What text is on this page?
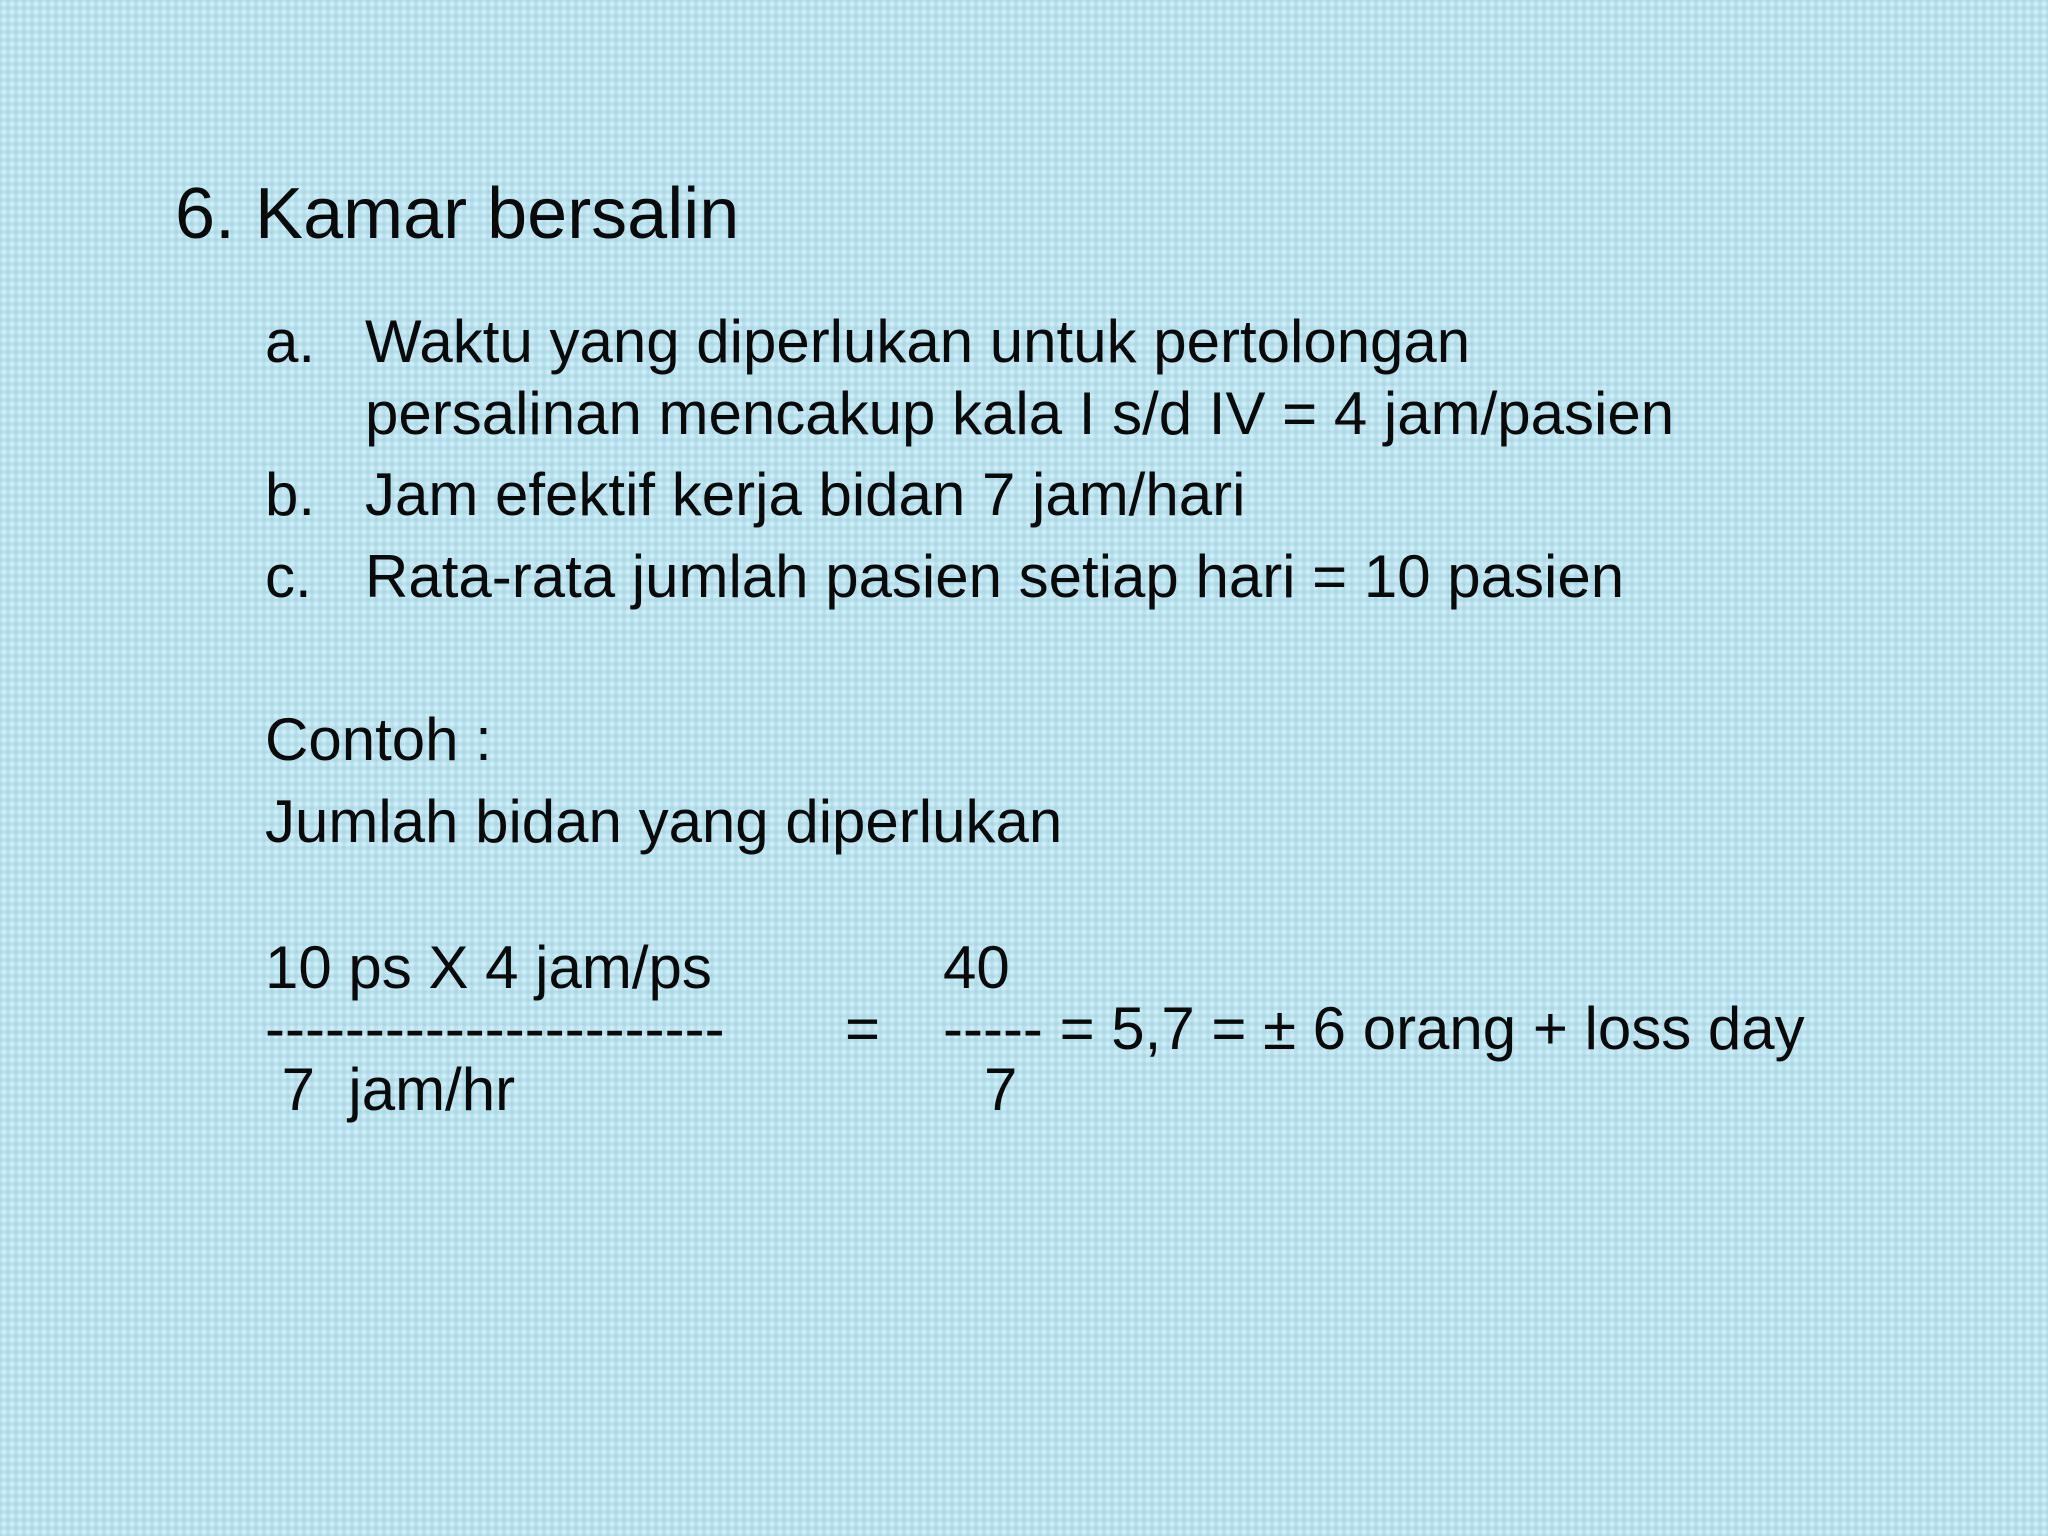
6. Kamar bersalin
a. Waktu yang diperlukan untuk pertolongan
persalinan mencakup kala I s/d IV = 4 jam/pasien
b. Jam efektif kerja bidan 7 jam/hari
c. Rata-rata jumlah pasien setiap hari = 10 pasien
Contoh :
Jumlah bidan yang diperlukan
10 ps X 4 jam/ps
-----------------------
7  jam/hr
=
40
----- = 5,7 = ± 6 orang + loss day
7
